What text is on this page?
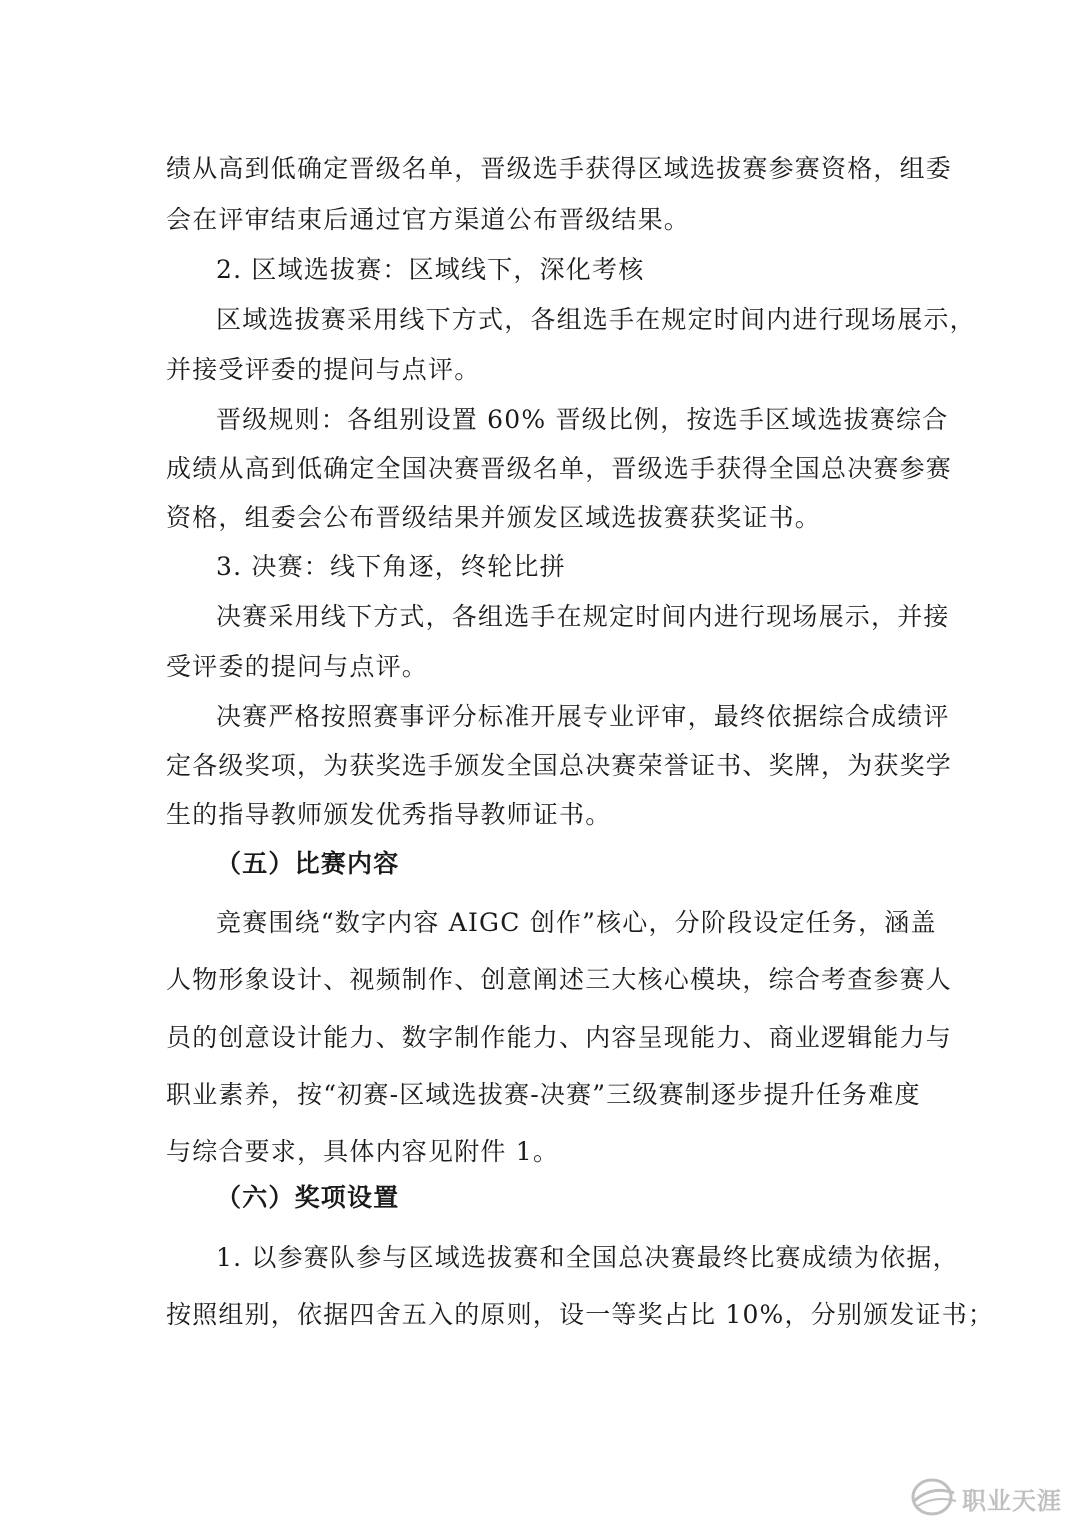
绩从高到低确定晋级名单，晋级选手获得区域选拔赛参赛资格，组委
会在评审结束后通过官方渠道公布晋级结果。
2. 区域选拔赛：区域线下，深化考核
区域选拔赛采用线下方式，各组选手在规定时间内进行现场展示，
并接受评委的提问与点评。
晋级规则：各组别设置 60% 晋级比例，按选手区域选拔赛综合
成绩从高到低确定全国决赛晋级名单，晋级选手获得全国总决赛参赛
资格，组委会公布晋级结果并颁发区域选拔赛获奖证书。
3. 决赛：线下角逐，终轮比拼
决赛采用线下方式，各组选手在规定时间内进行现场展示，并接
受评委的提问与点评。
决赛严格按照赛事评分标准开展专业评审，最终依据综合成绩评
定各级奖项，为获奖选手颁发全国总决赛荣誉证书、奖牌，为获奖学
生的指导教师颁发优秀指导教师证书。
（五）比赛内容
竞赛围绕“数字内容 AIGC 创作”核心，分阶段设定任务，涵盖
人物形象设计、视频制作、创意阐述三大核心模块，综合考查参赛人
员的创意设计能力、数字制作能力、内容呈现能力、商业逻辑能力与
职业素养，按“初赛-区域选拔赛-决赛”三级赛制逐步提升任务难度
与综合要求，具体内容见附件 1。
（六）奖项设置
1. 以参赛队参与区域选拔赛和全国总决赛最终比赛成绩为依据，
按照组别，依据四舍五入的原则，设一等奖占比 10%，分别颁发证书；
职业天涯
